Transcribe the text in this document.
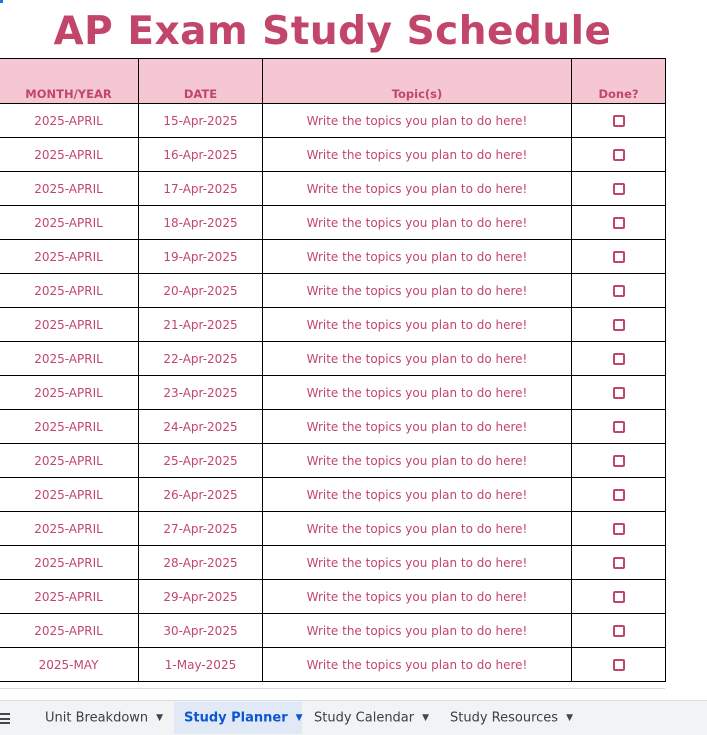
AP Exam Study Schedule
MONTH/YEAR	DATE	Topic(s)	Done?
2025-APRIL	15-Apr-2025	Write the topics you plan to do here!	
2025-APRIL	16-Apr-2025	Write the topics you plan to do here!	
2025-APRIL	17-Apr-2025	Write the topics you plan to do here!	
2025-APRIL	18-Apr-2025	Write the topics you plan to do here!	
2025-APRIL	19-Apr-2025	Write the topics you plan to do here!	
2025-APRIL	20-Apr-2025	Write the topics you plan to do here!	
2025-APRIL	21-Apr-2025	Write the topics you plan to do here!	
2025-APRIL	22-Apr-2025	Write the topics you plan to do here!	
2025-APRIL	23-Apr-2025	Write the topics you plan to do here!	
2025-APRIL	24-Apr-2025	Write the topics you plan to do here!	
2025-APRIL	25-Apr-2025	Write the topics you plan to do here!	
2025-APRIL	26-Apr-2025	Write the topics you plan to do here!	
2025-APRIL	27-Apr-2025	Write the topics you plan to do here!	
2025-APRIL	28-Apr-2025	Write the topics you plan to do here!	
2025-APRIL	29-Apr-2025	Write the topics you plan to do here!	
2025-APRIL	30-Apr-2025	Write the topics you plan to do here!	
2025-MAY	1-May-2025	Write the topics you plan to do here!	
Unit Breakdown ▼	Study Planner ▼ Study Calendar ▼	Study Resources ▼
